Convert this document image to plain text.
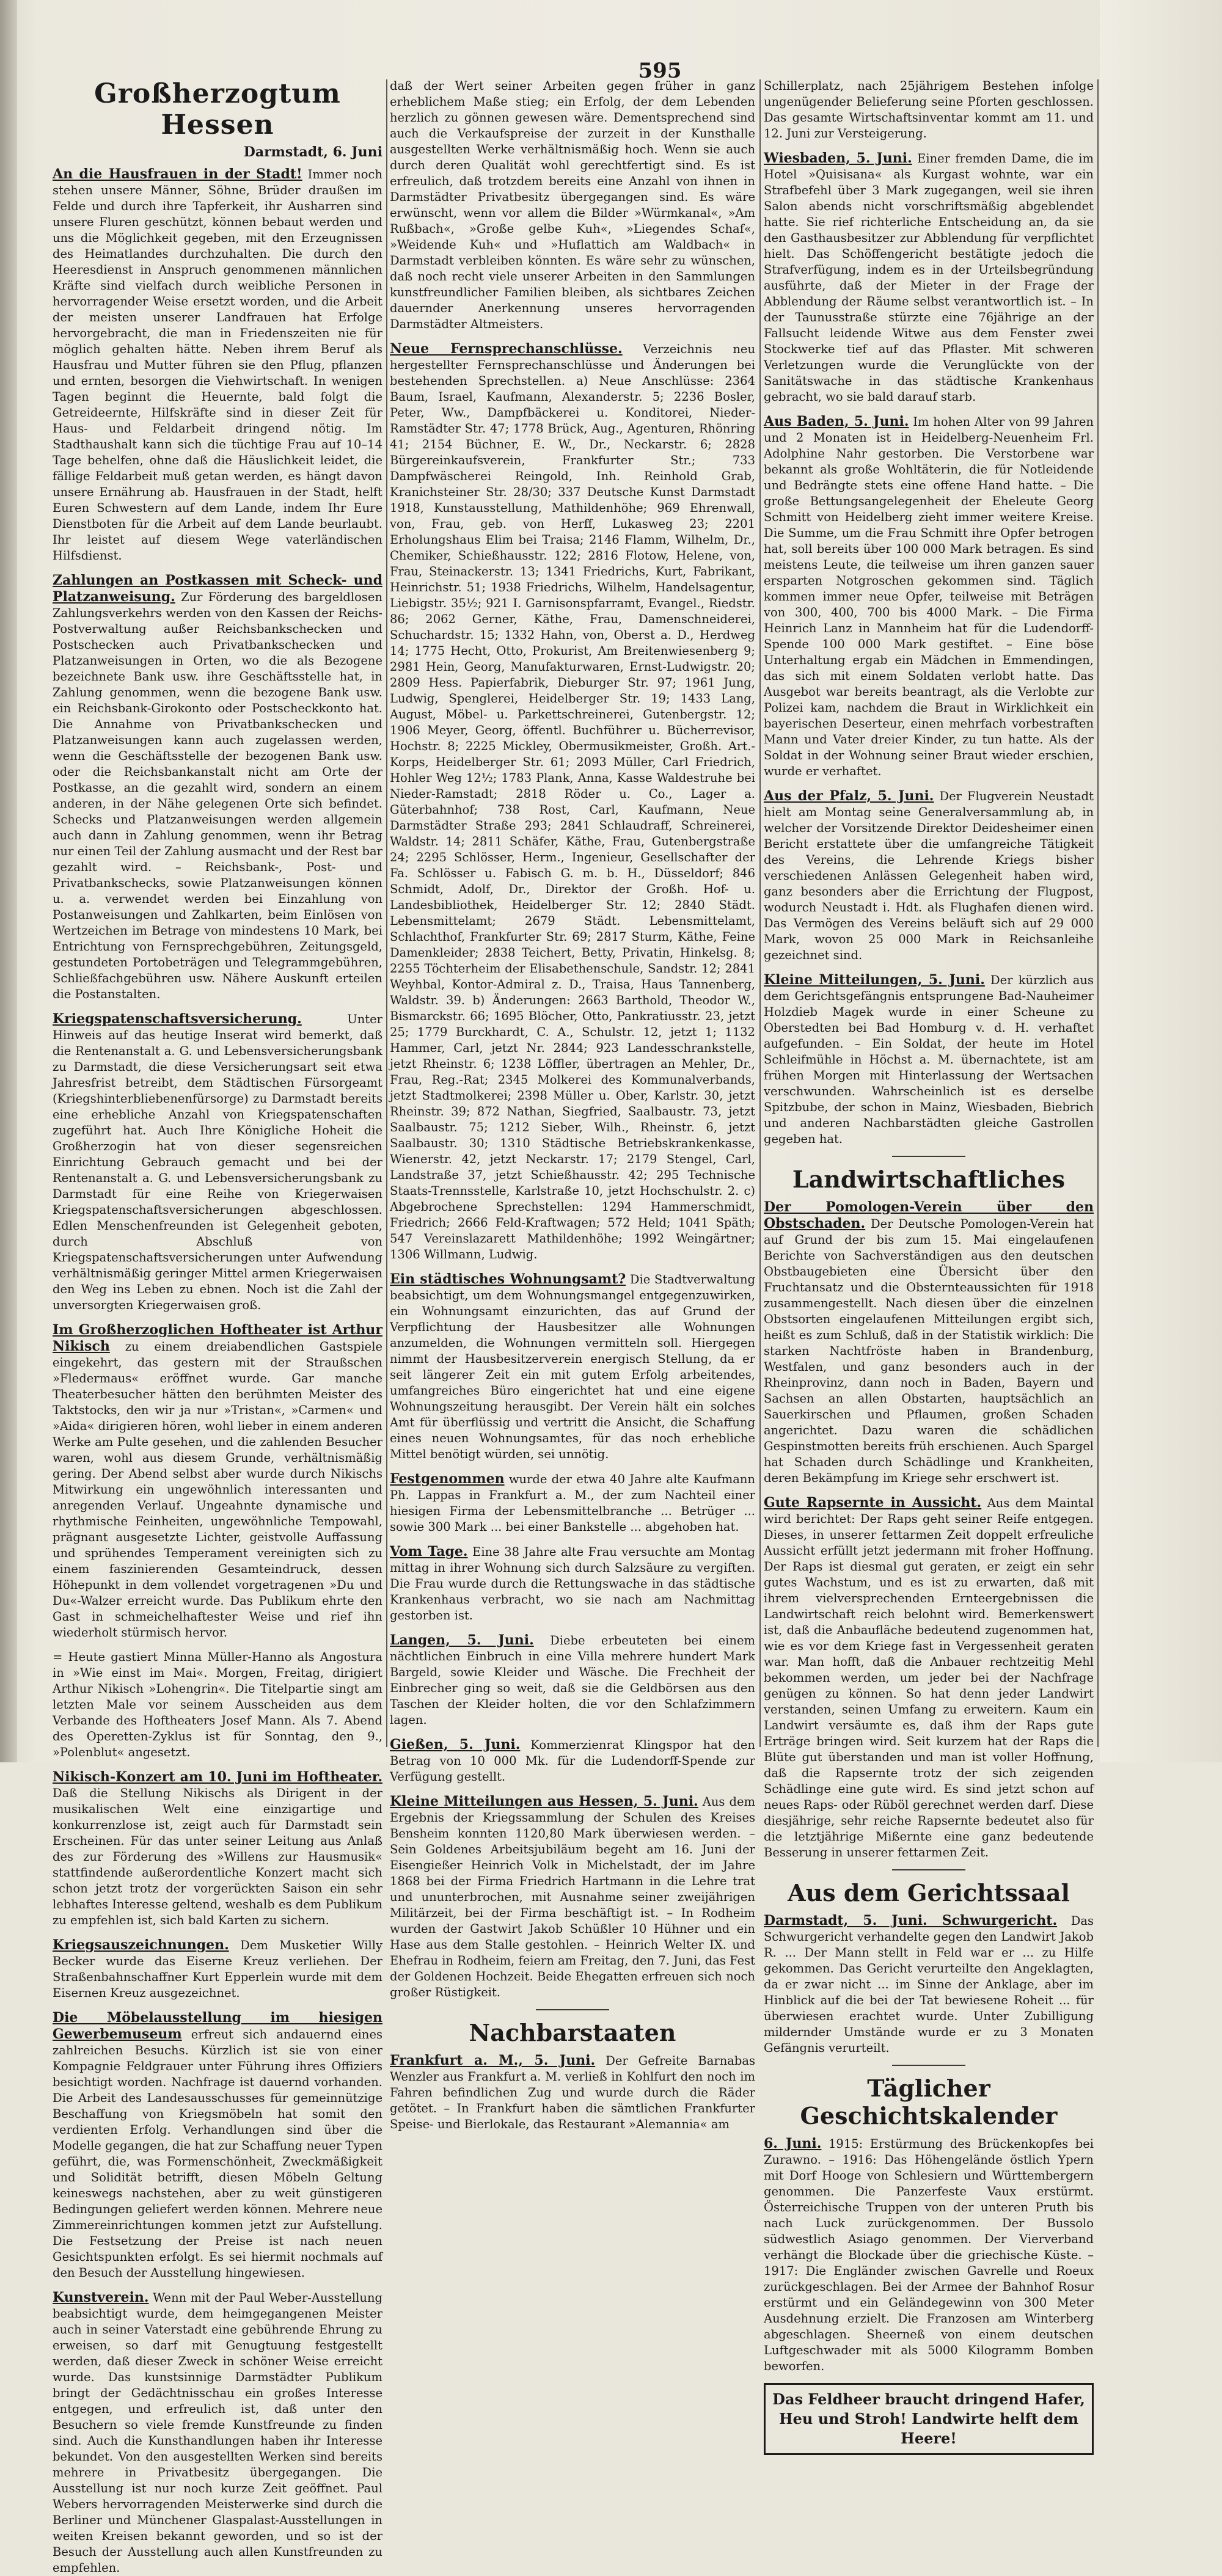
595
Großherzogtum Hessen
Darmstadt, 6. Juni
An die Hausfrauen in der Stadt! Immer noch stehen unsere Männer, Söhne, Brüder draußen im Felde und durch ihre Tapferkeit, ihr Ausharren sind unsere Fluren geschützt, können bebaut werden und uns die Möglichkeit gegeben, mit den Erzeugnissen des Heimatlandes durchzuhalten. Die durch den Heeresdienst in Anspruch genommenen männlichen Kräfte sind vielfach durch weibliche Personen in hervorragender Weise ersetzt worden, und die Arbeit der meisten unserer Landfrauen hat Erfolge hervorgebracht, die man in Friedenszeiten nie für möglich gehalten hätte. Neben ihrem Beruf als Hausfrau und Mutter führen sie den Pflug, pflanzen und ernten, besorgen die Viehwirtschaft. In wenigen Tagen beginnt die Heuernte, bald folgt die Getreideernte, Hilfskräfte sind in dieser Zeit für Haus- und Feldarbeit dringend nötig. Im Stadthaushalt kann sich die tüchtige Frau auf 10–14 Tage behelfen, ohne daß die Häuslichkeit leidet, die fällige Feldarbeit muß getan werden, es hängt davon unsere Ernährung ab. Hausfrauen in der Stadt, helft Euren Schwestern auf dem Lande, indem Ihr Eure Dienstboten für die Arbeit auf dem Lande beurlaubt. Ihr leistet auf diesem Wege vaterländischen Hilfsdienst.
Zahlungen an Postkassen mit Scheck- und Platzanweisung. Zur Förderung des bargeldlosen Zahlungsverkehrs werden von den Kassen der Reichs-Postverwaltung außer Reichsbankschecken und Postschecken auch Privatbankschecken und Platzanweisungen in Orten, wo die als Bezogene bezeichnete Bank usw. ihre Geschäftsstelle hat, in Zahlung genommen, wenn die bezogene Bank usw. ein Reichsbank-Girokonto oder Postscheckkonto hat. Die Annahme von Privatbankschecken und Platzanweisungen kann auch zugelassen werden, wenn die Geschäftsstelle der bezogenen Bank usw. oder die Reichsbankanstalt nicht am Orte der Postkasse, an die gezahlt wird, sondern an einem anderen, in der Nähe gelegenen Orte sich befindet. Schecks und Platzanweisungen werden allgemein auch dann in Zahlung genommen, wenn ihr Betrag nur einen Teil der Zahlung ausmacht und der Rest bar gezahlt wird. – Reichsbank-, Post- und Privatbankschecks, sowie Platzanweisungen können u. a. verwendet werden bei Einzahlung von Postanweisungen und Zahlkarten, beim Einlösen von Wertzeichen im Betrage von mindestens 10 Mark, bei Entrichtung von Fernsprechgebühren, Zeitungsgeld, gestundeten Portobeträgen und Telegrammgebühren, Schließfachgebühren usw. Nähere Auskunft erteilen die Postanstalten.
Kriegspatenschaftsversicherung.	Unter Hinweis auf das heutige Inserat wird bemerkt, daß die Rentenanstalt a. G. und Lebensversicherungsbank zu Darmstadt, die diese Versicherungsart seit etwa Jahresfrist betreibt, dem Städtischen Fürsorgeamt (Kriegshinterbliebenenfürsorge) zu Darmstadt bereits eine erhebliche Anzahl von Kriegspatenschaften zugeführt hat. Auch Ihre Königliche Hoheit die Großherzogin hat von dieser segensreichen Einrichtung Gebrauch gemacht und bei der Rentenanstalt a. G. und Lebensversicherungsbank zu Darmstadt für eine Reihe von Kriegerwaisen Kriegspatenschaftsversicherungen abgeschlossen. Edlen Menschenfreunden ist Gelegenheit geboten, durch Abschluß von Kriegspatenschaftsversicherungen unter Aufwendung verhältnismäßig geringer Mittel armen Kriegerwaisen den Weg ins Leben zu ebnen. Noch ist die Zahl der unversorgten Kriegerwaisen groß.
Im Großherzoglichen Hoftheater ist Arthur Nikisch zu einem dreiabendlichen Gastspiele eingekehrt, das gestern mit der Straußschen »Fledermaus« eröffnet wurde. Gar manche Theaterbesucher hätten den berühmten Meister des Taktstocks, den wir ja nur »Tristan«, »Carmen« und »Aida« dirigieren hören, wohl lieber in einem anderen Werke am Pulte gesehen, und die zahlenden Besucher waren, wohl aus diesem Grunde, verhältnismäßig gering. Der Abend selbst aber wurde durch Nikischs Mitwirkung ein ungewöhnlich interessanten und anregenden Verlauf. Ungeahnte dynamische und rhythmische Feinheiten, ungewöhnliche Tempowahl, prägnant ausgesetzte Lichter, geistvolle Auffassung und sprühendes Temperament vereinigten sich zu einem faszinierenden Gesamteindruck, dessen Höhepunkt in dem vollendet vorgetragenen »Du und Du«-Walzer erreicht wurde. Das Publikum ehrte den Gast in schmeichelhaftester Weise und rief ihn wiederholt stürmisch hervor.
= Heute gastiert Minna Müller-Hanno als Angostura in »Wie einst im Mai«. Morgen, Freitag, dirigiert Arthur Nikisch »Lohengrin«. Die Titelpartie singt am letzten Male vor seinem Ausscheiden aus dem Verbande des Hoftheaters Josef Mann. Als 7. Abend des Operetten-Zyklus ist für Sonntag, den 9., »Polenblut« angesetzt.
Nikisch-Konzert am 10. Juni im Hoftheater. Daß die Stellung Nikischs als Dirigent in der musikalischen Welt eine einzigartige und konkurrenzlose ist, zeigt auch für Darmstadt sein Erscheinen. Für das unter seiner Leitung aus Anlaß des zur Förderung des »Willens zur Hausmusik« stattfindende außerordentliche Konzert macht sich schon jetzt trotz der vorgerückten Saison ein sehr lebhaftes Interesse geltend, weshalb es dem Publikum zu empfehlen ist, sich bald Karten zu sichern.
Kriegsauszeichnungen. Dem Musketier Willy Becker wurde das Eiserne Kreuz verliehen. Der Straßenbahnschaffner Kurt Epperlein wurde mit dem Eisernen Kreuz ausgezeichnet.
Die Möbelausstellung im hiesigen Gewerbemuseum erfreut sich andauernd eines zahlreichen Besuchs. Kürzlich ist sie von einer Kompagnie Feldgrauer unter Führung ihres Offiziers besichtigt worden. Nachfrage ist dauernd vorhanden. Die Arbeit des Landesausschusses für gemeinnützige Beschaffung von Kriegsmöbeln hat somit den verdienten Erfolg. Verhandlungen sind über die Modelle gegangen, die hat zur Schaffung neuer Typen geführt, die, was Formenschönheit, Zweckmäßigkeit und Solidität betrifft, diesen Möbeln Geltung keineswegs nachstehen, aber zu weit günstigeren Bedingungen geliefert werden können. Mehrere neue Zimmereinrichtungen kommen jetzt zur Aufstellung. Die Festsetzung der Preise ist nach neuen Gesichtspunkten erfolgt. Es sei hiermit nochmals auf den Besuch der Ausstellung hingewiesen.
Kunstverein. Wenn mit der Paul Weber-Ausstellung beabsichtigt wurde, dem heimgegangenen Meister auch in seiner Vaterstadt eine gebührende Ehrung zu erweisen, so darf mit Genugtuung festgestellt werden, daß dieser Zweck in schöner Weise erreicht wurde. Das kunstsinnige Darmstädter Publikum bringt der Gedächtnisschau ein großes Interesse entgegen, und erfreulich ist, daß unter den Besuchern so viele fremde Kunstfreunde zu finden sind. Auch die Kunsthandlungen haben ihr Interesse bekundet. Von den ausgestellten Werken sind bereits mehrere in Privatbesitz übergegangen. Die Ausstellung ist nur noch kurze Zeit geöffnet. Paul Webers hervorragenden Meisterwerke sind durch die Berliner und Münchener Glaspalast-Ausstellungen in weiten Kreisen bekannt geworden, und so ist der Besuch der Ausstellung auch allen Kunstfreunden zu empfehlen.
daß der Wert seiner Arbeiten gegen früher in ganz erheblichem Maße stieg; ein Erfolg, der dem Lebenden herzlich zu gönnen gewesen wäre. Dementsprechend sind auch die Verkaufspreise der zurzeit in der Kunsthalle ausgestellten Werke verhältnismäßig hoch. Wenn sie auch durch deren Qualität wohl gerechtfertigt sind. Es ist erfreulich, daß trotzdem bereits eine Anzahl von ihnen in Darmstädter Privatbesitz übergegangen sind. Es wäre erwünscht, wenn vor allem die Bilder »Würmkanal«, »Am Rußbach«, »Große gelbe Kuh«, »Liegendes Schaf«, »Weidende Kuh« und »Huflattich am Waldbach« in Darmstadt verbleiben könnten. Es wäre sehr zu wünschen, daß noch recht viele unserer Arbeiten in den Sammlungen kunstfreundlicher Familien bleiben, als sichtbares Zeichen dauernder Anerkennung unseres hervorragenden Darmstädter Altmeisters.
Neue Fernsprechanschlüsse. Verzeichnis neu hergestellter Fernsprechanschlüsse und Änderungen bei bestehenden Sprechstellen. a) Neue Anschlüsse: 2364 Baum, Israel, Kaufmann, Alexanderstr. 5; 2236 Bosler, Peter, Ww., Dampfbäckerei u. Konditorei, Nieder-Ramstädter Str. 47; 1778 Brück, Aug., Agenturen, Rhönring 41; 2154 Büchner, E. W., Dr., Neckarstr. 6; 2828 Bürgereinkaufsverein, Frankfurter Str.; 733 Dampfwäscherei Reingold, Inh. Reinhold Grab, Kranichsteiner Str. 28/30; 337 Deutsche Kunst Darmstadt 1918, Kunstausstellung, Mathildenhöhe; 969 Ehrenwall, von, Frau, geb. von Herff, Lukasweg 23; 2201 Erholungshaus Elim bei Traisa; 2146 Flamm, Wilhelm, Dr., Chemiker, Schießhausstr. 122; 2816 Flotow, Helene, von, Frau, Steinackerstr. 13; 1341 Friedrichs, Kurt, Fabrikant, Heinrichstr. 51; 1938 Friedrichs, Wilhelm, Handelsagentur, Liebigstr. 35½; 921 I. Garnisonspfarramt, Evangel., Riedstr. 86; 2062 Gerner, Käthe, Frau, Damenschneiderei, Schuchardstr. 15; 1332 Hahn, von, Oberst a. D., Herdweg 14; 1775 Hecht, Otto, Prokurist, Am Breitenwiesenberg 9; 2981 Hein, Georg, Manufakturwaren, Ernst-Ludwigstr. 20; 2809 Hess. Papierfabrik, Dieburger Str. 97; 1961 Jung, Ludwig, Spenglerei, Heidelberger Str. 19; 1433 Lang, August, Möbel- u. Parkettschreinerei, Gutenbergstr. 12; 1906 Meyer, Georg, öffentl. Buchführer u. Bücherrevisor, Hochstr. 8; 2225 Mickley, Obermusikmeister, Großh. Art.-Korps, Heidelberger Str. 61; 2093 Müller, Carl Friedrich, Hohler Weg 12½; 1783 Plank, Anna, Kasse Waldestruhe bei Nieder-Ramstadt; 2818 Röder u. Co., Lager a. Güterbahnhof; 738 Rost, Carl, Kaufmann, Neue Darmstädter Straße 293; 2841 Schlaudraff, Schreinerei, Waldstr. 14; 2811 Schäfer, Käthe, Frau, Gutenbergstraße 24; 2295 Schlösser, Herm., Ingenieur, Gesellschafter der Fa. Schlösser u. Fabisch G. m. b. H., Düsseldorf; 846 Schmidt, Adolf, Dr., Direktor der Großh. Hof- u. Landesbibliothek, Heidelberger Str. 12; 2840 Städt. Lebensmittelamt; 2679 Städt. Lebensmittelamt, Schlachthof, Frankfurter Str. 69; 2817 Sturm, Käthe, Feine Damenkleider; 2838 Teichert, Betty, Privatin, Hinkelsg. 8; 2255 Töchterheim der Elisabethenschule, Sandstr. 12; 2841 Weyhbal, Kontor-Admiral z. D., Traisa, Haus Tannenberg, Waldstr. 39. b) Änderungen: 2663 Barthold, Theodor W., Bismarckstr. 66; 1695 Blöcher, Otto, Pankratiusstr. 23, jetzt 25; 1779 Burckhardt, C. A., Schulstr. 12, jetzt 1; 1132 Hammer, Carl, jetzt Nr. 2844; 923 Landesschrankstelle, jetzt Rheinstr. 6; 1238 Löffler, übertragen an Mehler, Dr., Frau, Reg.-Rat; 2345 Molkerei des Kommunalverbands, jetzt Stadtmolkerei; 2398 Müller u. Ober, Karlstr. 30, jetzt Rheinstr. 39; 872 Nathan, Siegfried, Saalbaustr. 73, jetzt Saalbaustr. 75; 1212 Sieber, Wilh., Rheinstr. 6, jetzt Saalbaustr. 30; 1310 Städtische Betriebskrankenkasse, Wienerstr. 42, jetzt Neckarstr. 17; 2179 Stengel, Carl, Landstraße 37, jetzt Schießhausstr. 42; 295 Technische Staats-Trennsstelle, Karlstraße 10, jetzt Hochschulstr. 2. c) Abgebrochene Sprechstellen: 1294 Hammerschmidt, Friedrich; 2666 Feld-Kraftwagen; 572 Held; 1041 Späth; 547 Vereinslazarett Mathildenhöhe; 1992 Weingärtner; 1306 Willmann, Ludwig.
Ein städtisches Wohnungsamt? Die Stadtverwaltung beabsichtigt, um dem Wohnungsmangel entgegenzuwirken, ein Wohnungsamt einzurichten, das auf Grund der Verpflichtung der Hausbesitzer alle Wohnungen anzumelden, die Wohnungen vermitteln soll. Hiergegen nimmt der Hausbesitzerverein energisch Stellung, da er seit längerer Zeit ein mit gutem Erfolg arbeitendes, umfangreiches Büro eingerichtet hat und eine eigene Wohnungszeitung herausgibt. Der Verein hält ein solches Amt für überflüssig und vertritt die Ansicht, die Schaffung eines neuen Wohnungsamtes, für das noch erhebliche Mittel benötigt würden, sei unnötig.
Festgenommen wurde der etwa 40 Jahre alte Kaufmann Ph. Lappas in Frankfurt a. M., der zum Nachteil einer hiesigen Firma der Lebensmittelbranche ... Betrüger ... sowie 300 Mark ... bei einer Bankstelle ... abgehoben hat.
Vom Tage. Eine 38 Jahre alte Frau versuchte am Montag mittag in ihrer Wohnung sich durch Salzsäure zu vergiften. Die Frau wurde durch die Rettungswache in das städtische Krankenhaus verbracht, wo sie nach am Nachmittag gestorben ist.
Langen, 5. Juni. Diebe erbeuteten bei einem nächtlichen Einbruch in eine Villa mehrere hundert Mark Bargeld, sowie Kleider und Wäsche. Die Frechheit der Einbrecher ging so weit, daß sie die Geldbörsen aus den Taschen der Kleider holten, die vor den Schlafzimmern lagen.
Gießen, 5. Juni. Kommerzienrat Klingspor hat den Betrag von 10 000 Mk. für die Ludendorff-Spende zur Verfügung gestellt.
Kleine Mitteilungen aus Hessen, 5. Juni. Aus dem Ergebnis der Kriegssammlung der Schulen des Kreises Bensheim konnten 1120,80 Mark überwiesen werden. – Sein Goldenes Arbeitsjubiläum begeht am 16. Juni der Eisengießer Heinrich Volk in Michelstadt, der im Jahre 1868 bei der Firma Friedrich Hartmann in die Lehre trat und ununterbrochen, mit Ausnahme seiner zweijährigen Militärzeit, bei der Firma beschäftigt ist. – In Rodheim wurden der Gastwirt Jakob Schüßler 10 Hühner und ein Hase aus dem Stalle gestohlen. – Heinrich Welter IX. und Ehefrau in Rodheim, feiern am Freitag, den 7. Juni, das Fest der Goldenen Hochzeit. Beide Ehegatten erfreuen sich noch großer Rüstigkeit.
Nachbarstaaten
Frankfurt a. M., 5. Juni. Der Gefreite Barnabas Wenzler aus Frankfurt a. M. verließ in Kohlfurt den noch im Fahren befindlichen Zug und wurde durch die Räder getötet. – In Frankfurt haben die sämtlichen Frankfurter Speise- und Bierlokale, das Restaurant »Alemannia« am
Schillerplatz, nach 25jährigem Bestehen infolge ungenügender Belieferung seine Pforten geschlossen. Das gesamte Wirtschaftsinventar kommt am 11. und 12. Juni zur Versteigerung.
Wiesbaden, 5. Juni. Einer fremden Dame, die im Hotel »Quisisana« als Kurgast wohnte, war ein Strafbefehl über 3 Mark zugegangen, weil sie ihren Salon abends nicht vorschriftsmäßig abgeblendet hatte. Sie rief richterliche Entscheidung an, da sie den Gasthausbesitzer zur Abblendung für verpflichtet hielt. Das Schöffengericht bestätigte jedoch die Strafverfügung, indem es in der Urteilsbegründung ausführte, daß der Mieter in der Frage der Abblendung der Räume selbst verantwortlich ist. – In der Taunusstraße stürzte eine 76jährige an der Fallsucht leidende Witwe aus dem Fenster zwei Stockwerke tief auf das Pflaster. Mit schweren Verletzungen wurde die Verunglückte von der Sanitätswache in das städtische Krankenhaus gebracht, wo sie bald darauf starb.
Aus Baden, 5. Juni. Im hohen Alter von 99 Jahren und 2 Monaten ist in Heidelberg-Neuenheim Frl. Adolphine Nahr gestorben. Die Verstorbene war bekannt als große Wohltäterin, die für Notleidende und Bedrängte stets eine offene Hand hatte. – Die große Bettungsangelegenheit der Eheleute Georg Schmitt von Heidelberg zieht immer weitere Kreise. Die Summe, um die Frau Schmitt ihre Opfer betrogen hat, soll bereits über 100 000 Mark betragen. Es sind meistens Leute, die teilweise um ihren ganzen sauer ersparten Notgroschen gekommen sind. Täglich kommen immer neue Opfer, teilweise mit Beträgen von 300, 400, 700 bis 4000 Mark. – Die Firma Heinrich Lanz in Mannheim hat für die Ludendorff-Spende 100 000 Mark gestiftet. – Eine böse Unterhaltung ergab ein Mädchen in Emmendingen, das sich mit einem Soldaten verlobt hatte. Das Ausgebot war bereits beantragt, als die Verlobte zur Polizei kam, nachdem die Braut in Wirklichkeit ein bayerischen Deserteur, einen mehrfach vorbestraften Mann und Vater dreier Kinder, zu tun hatte. Als der Soldat in der Wohnung seiner Braut wieder erschien, wurde er verhaftet.
Aus der Pfalz, 5. Juni. Der Flugverein Neustadt hielt am Montag seine Generalversammlung ab, in welcher der Vorsitzende Direktor Deidesheimer einen Bericht erstattete über die umfangreiche Tätigkeit des Vereins, die Lehrende Kriegs bisher verschiedenen Anlässen Gelegenheit haben wird, ganz besonders aber die Errichtung der Flugpost, wodurch Neustadt i. Hdt. als Flughafen dienen wird. Das Vermögen des Vereins beläuft sich auf 29 000 Mark, wovon 25 000 Mark in Reichsanleihe gezeichnet sind.
Kleine Mitteilungen, 5. Juni. Der kürzlich aus dem Gerichtsgefängnis entsprungene Bad-Nauheimer Holzdieb Magek wurde in einer Scheune zu Oberstedten bei Bad Homburg v. d. H. verhaftet aufgefunden. – Ein Soldat, der heute im Hotel Schleifmühle in Höchst a. M. übernachtete, ist am frühen Morgen mit Hinterlassung der Wertsachen verschwunden. Wahrscheinlich ist es derselbe Spitzbube, der schon in Mainz, Wiesbaden, Biebrich und anderen Nachbarstädten gleiche Gastrollen gegeben hat.
Landwirtschaftliches
Der Pomologen-Verein über den Obstschaden. Der Deutsche Pomologen-Verein hat auf Grund der bis zum 15. Mai eingelaufenen Berichte von Sachverständigen aus den deutschen Obstbaugebieten eine Übersicht über den Fruchtansatz und die Obsternteaussichten für 1918 zusammengestellt. Nach diesen über die einzelnen Obstsorten eingelaufenen Mitteilungen ergibt sich, heißt es zum Schluß, daß in der Statistik wirklich: Die starken Nachtfröste haben in Brandenburg, Westfalen, und ganz besonders auch in der Rheinprovinz, dann noch in Baden, Bayern und Sachsen an allen Obstarten, hauptsächlich an Sauerkirschen und Pflaumen, großen Schaden angerichtet. Dazu waren die schädlichen Gespinstmotten bereits früh erschienen. Auch Spargel hat Schaden durch Schädlinge und Krankheiten, deren Bekämpfung im Kriege sehr erschwert ist.
Gute Rapsernte in Aussicht. Aus dem Maintal wird berichtet: Der Raps geht seiner Reife entgegen. Dieses, in unserer fettarmen Zeit doppelt erfreuliche Aussicht erfüllt jetzt jedermann mit froher Hoffnung. Der Raps ist diesmal gut geraten, er zeigt ein sehr gutes Wachstum, und es ist zu erwarten, daß mit ihrem vielversprechenden Ernteergebnissen die Landwirtschaft reich belohnt wird. Bemerkenswert ist, daß die Anbaufläche bedeutend zugenommen hat, wie es vor dem Kriege fast in Vergessenheit geraten war. Man hofft, daß die Anbauer rechtzeitig Mehl bekommen werden, um jeder bei der Nachfrage genügen zu können. So hat denn jeder Landwirt verstanden, seinen Umfang zu erweitern. Kaum ein Landwirt versäumte es, daß ihm der Raps gute Erträge bringen wird. Seit kurzem hat der Raps die Blüte gut überstanden und man ist voller Hoffnung, daß die Rapsernte trotz der sich zeigenden Schädlinge eine gute wird. Es sind jetzt schon auf neues Raps- oder Rüböl gerechnet werden darf. Diese diesjährige, sehr reiche Rapsernte bedeutet also für die letztjährige Mißernte eine ganz bedeutende Besserung in unserer fettarmen Zeit.
Aus dem Gerichtssaal
Darmstadt, 5. Juni. Schwurgericht. Das Schwurgericht verhandelte gegen den Landwirt Jakob R. ... Der Mann stellt in Feld war er ... zu Hilfe gekommen. Das Gericht verurteilte den Angeklagten, da er zwar nicht ... im Sinne der Anklage, aber im Hinblick auf die bei der Tat bewiesene Roheit ... für überwiesen erachtet wurde. Unter Zubilligung mildernder Umstände wurde er zu 3 Monaten Gefängnis verurteilt.
Täglicher Geschichtskalender
6. Juni. 1915: Erstürmung des Brückenkopfes bei Zurawno. – 1916: Das Höhengelände östlich Ypern mit Dorf Hooge von Schlesiern und Württembergern genommen. Die Panzerfeste Vaux erstürmt. Österreichische Truppen von der unteren Pruth bis nach Luck zurückgenommen. Der Bussolo südwestlich Asiago genommen. Der Vierverband verhängt die Blockade über die griechische Küste. – 1917: Die Engländer zwischen Gavrelle und Roeux zurückgeschlagen. Bei der Armee der Bahnhof Rosur erstürmt und ein Geländegewinn von 300 Meter Ausdehnung erzielt. Die Franzosen am Winterberg abgeschlagen. Sheerneß von einem deutschen Luftgeschwader mit als 5000 Kilogramm Bomben beworfen.
Das Feldheer braucht dringend Hafer, Heu und Stroh! Landwirte helft dem Heere!
